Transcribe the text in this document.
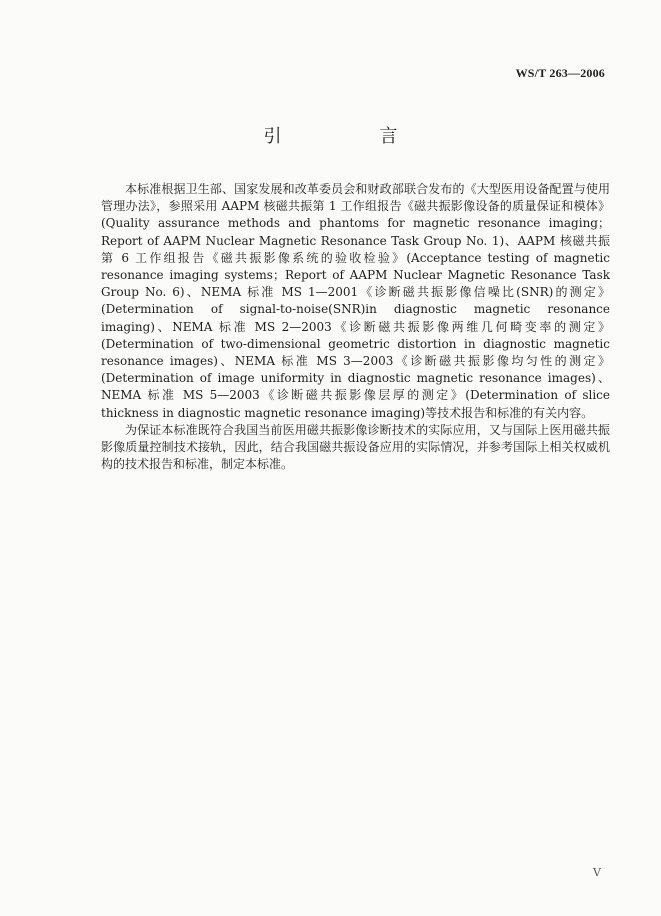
WS/T 263—2006
引　言

本标准根据卫生部、国家发展和改革委员会和财政部联合发布的《大型医用设备配置与使用管理办法》，参照采用 AAPM 核磁共振第 1 工作组报告《磁共振影像设备的质量保证和模体》(Quality assurance methods and phantoms for magnetic resonance imaging；Report of AAPM Nuclear Magnetic Resonance Task Group No. 1)、AAPM 核磁共振第 6 工作组报告《磁共振影像系统的验收检验》(Acceptance testing of magnetic resonance imaging systems；Report of AAPM Nuclear Magnetic Resonance Task Group No. 6)、NEMA 标准 MS 1—2001《诊断磁共振影像信噪比(SNR)的测定》(Determination of signal-to-noise(SNR)in diagnostic magnetic resonance imaging)、NEMA 标准 MS 2—2003《诊断磁共振影像两维几何畸变率的测定》(Determination of two-dimensional geometric distortion in diagnostic magnetic resonance images)、NEMA 标准 MS 3—2003《诊断磁共振影像均匀性的测定》(Determination of image uniformity in diagnostic magnetic resonance images)、NEMA 标准 MS 5—2003《诊断磁共振影像层厚的测定》(Determination of slice thickness in diagnostic magnetic resonance imaging)等技术报告和标准的有关内容。

为保证本标准既符合我国当前医用磁共振影像诊断技术的实际应用，又与国际上医用磁共振影像质量控制技术接轨，因此，结合我国磁共振设备应用的实际情况，并参考国际上相关权威机构的技术报告和标准，制定本标准。

V
